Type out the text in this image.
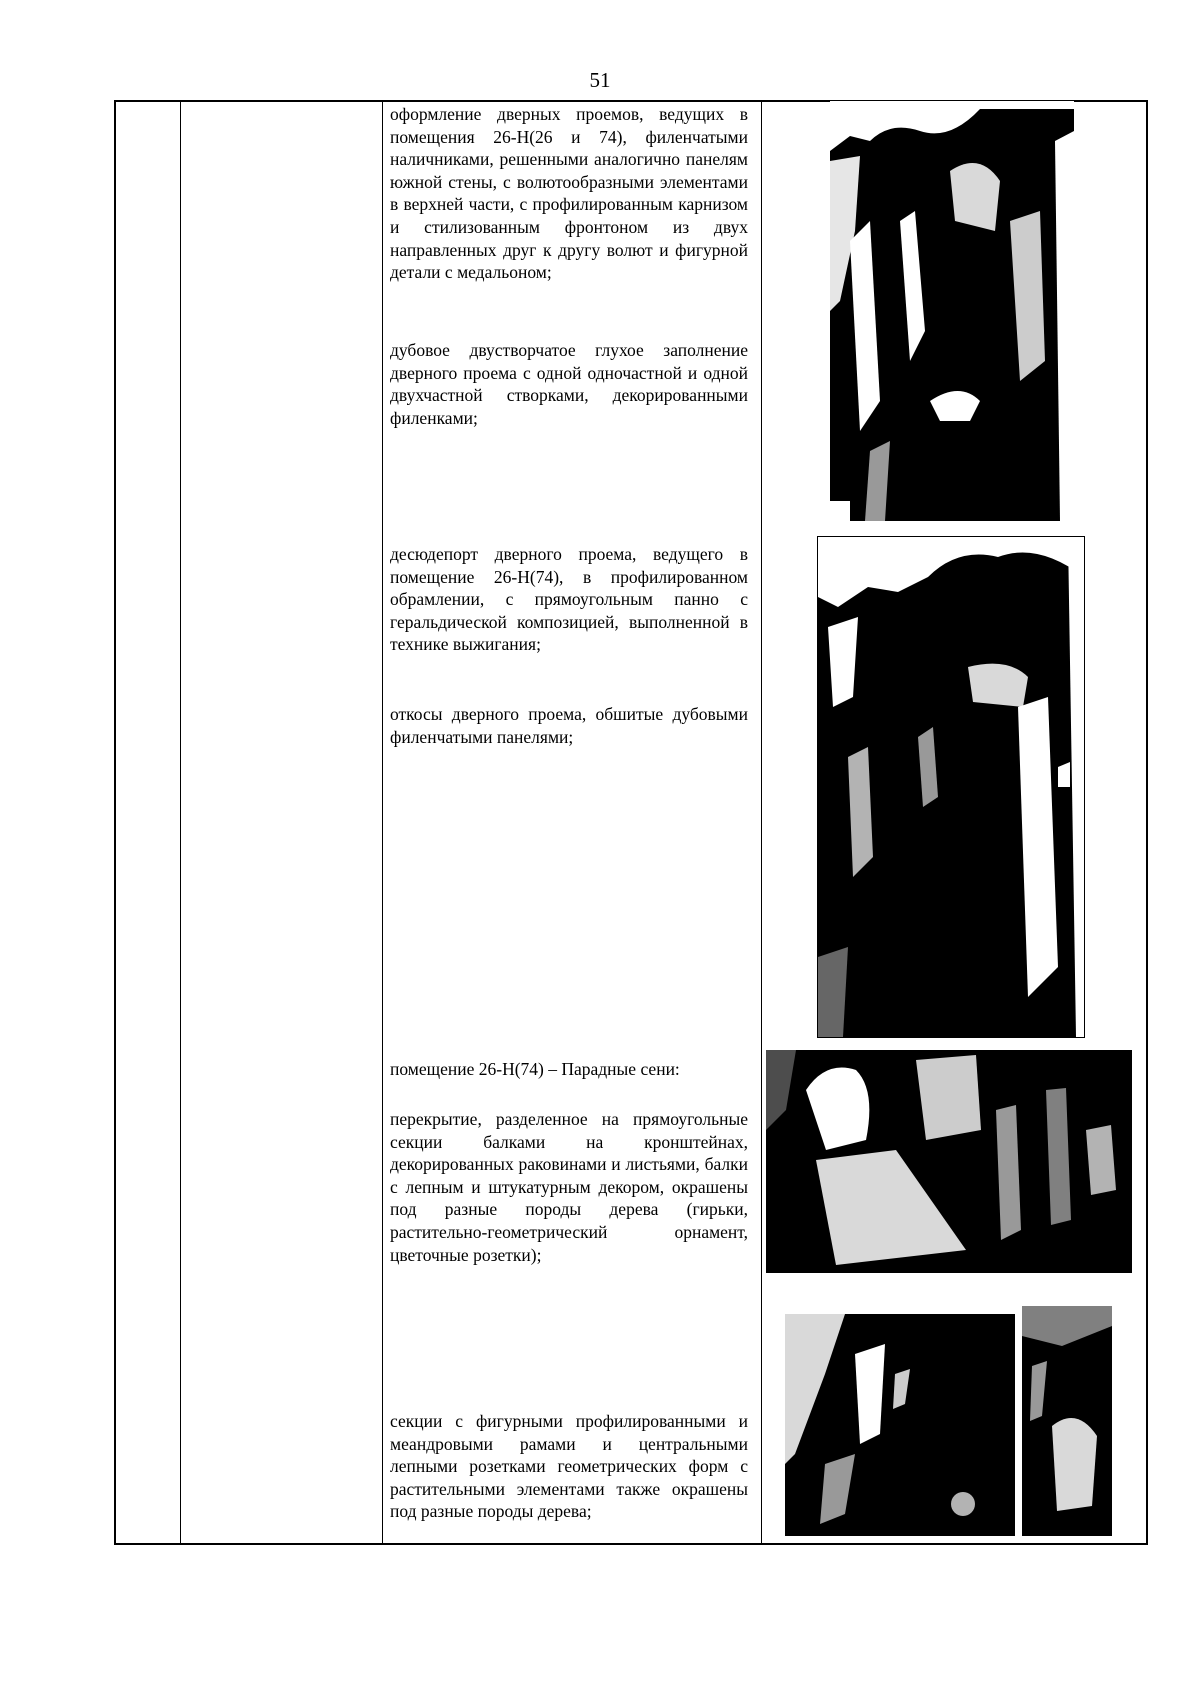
51

оформление дверных проемов, ведущих в помещения 26-Н(26 и 74), филенчатыми наличниками, решенными аналогично панелям южной стены, с волютообразными элементами в верхней части, с профилированным карнизом и стилизованным фронтоном из двух направленных друг к другу волют и фигурной детали с медальоном;

дубовое двустворчатое глухое заполнение дверного проема с одной одночастной и одной двухчастной створками, декорированными филенками;

десюдепорт дверного проема, ведущего в помещение 26-Н(74), в профилированном обрамлении, с прямоугольным панно с геральдической композицией, выполненной в технике выжигания;

откосы дверного проема, обшитые дубовыми филенчатыми панелями;

помещение 26-Н(74) – Парадные сени:

перекрытие, разделенное на прямоугольные секции балками на кронштейнах, декорированных раковинами и листьями, балки с лепным и штукатурным декором, окрашены под разные породы дерева (гирьки, растительно-геометрический орнамент, цветочные розетки);

секции с фигурными профилированными и меандровыми рамами и центральными лепными розетками геометрических форм с растительными элементами также окрашены под разные породы дерева;
